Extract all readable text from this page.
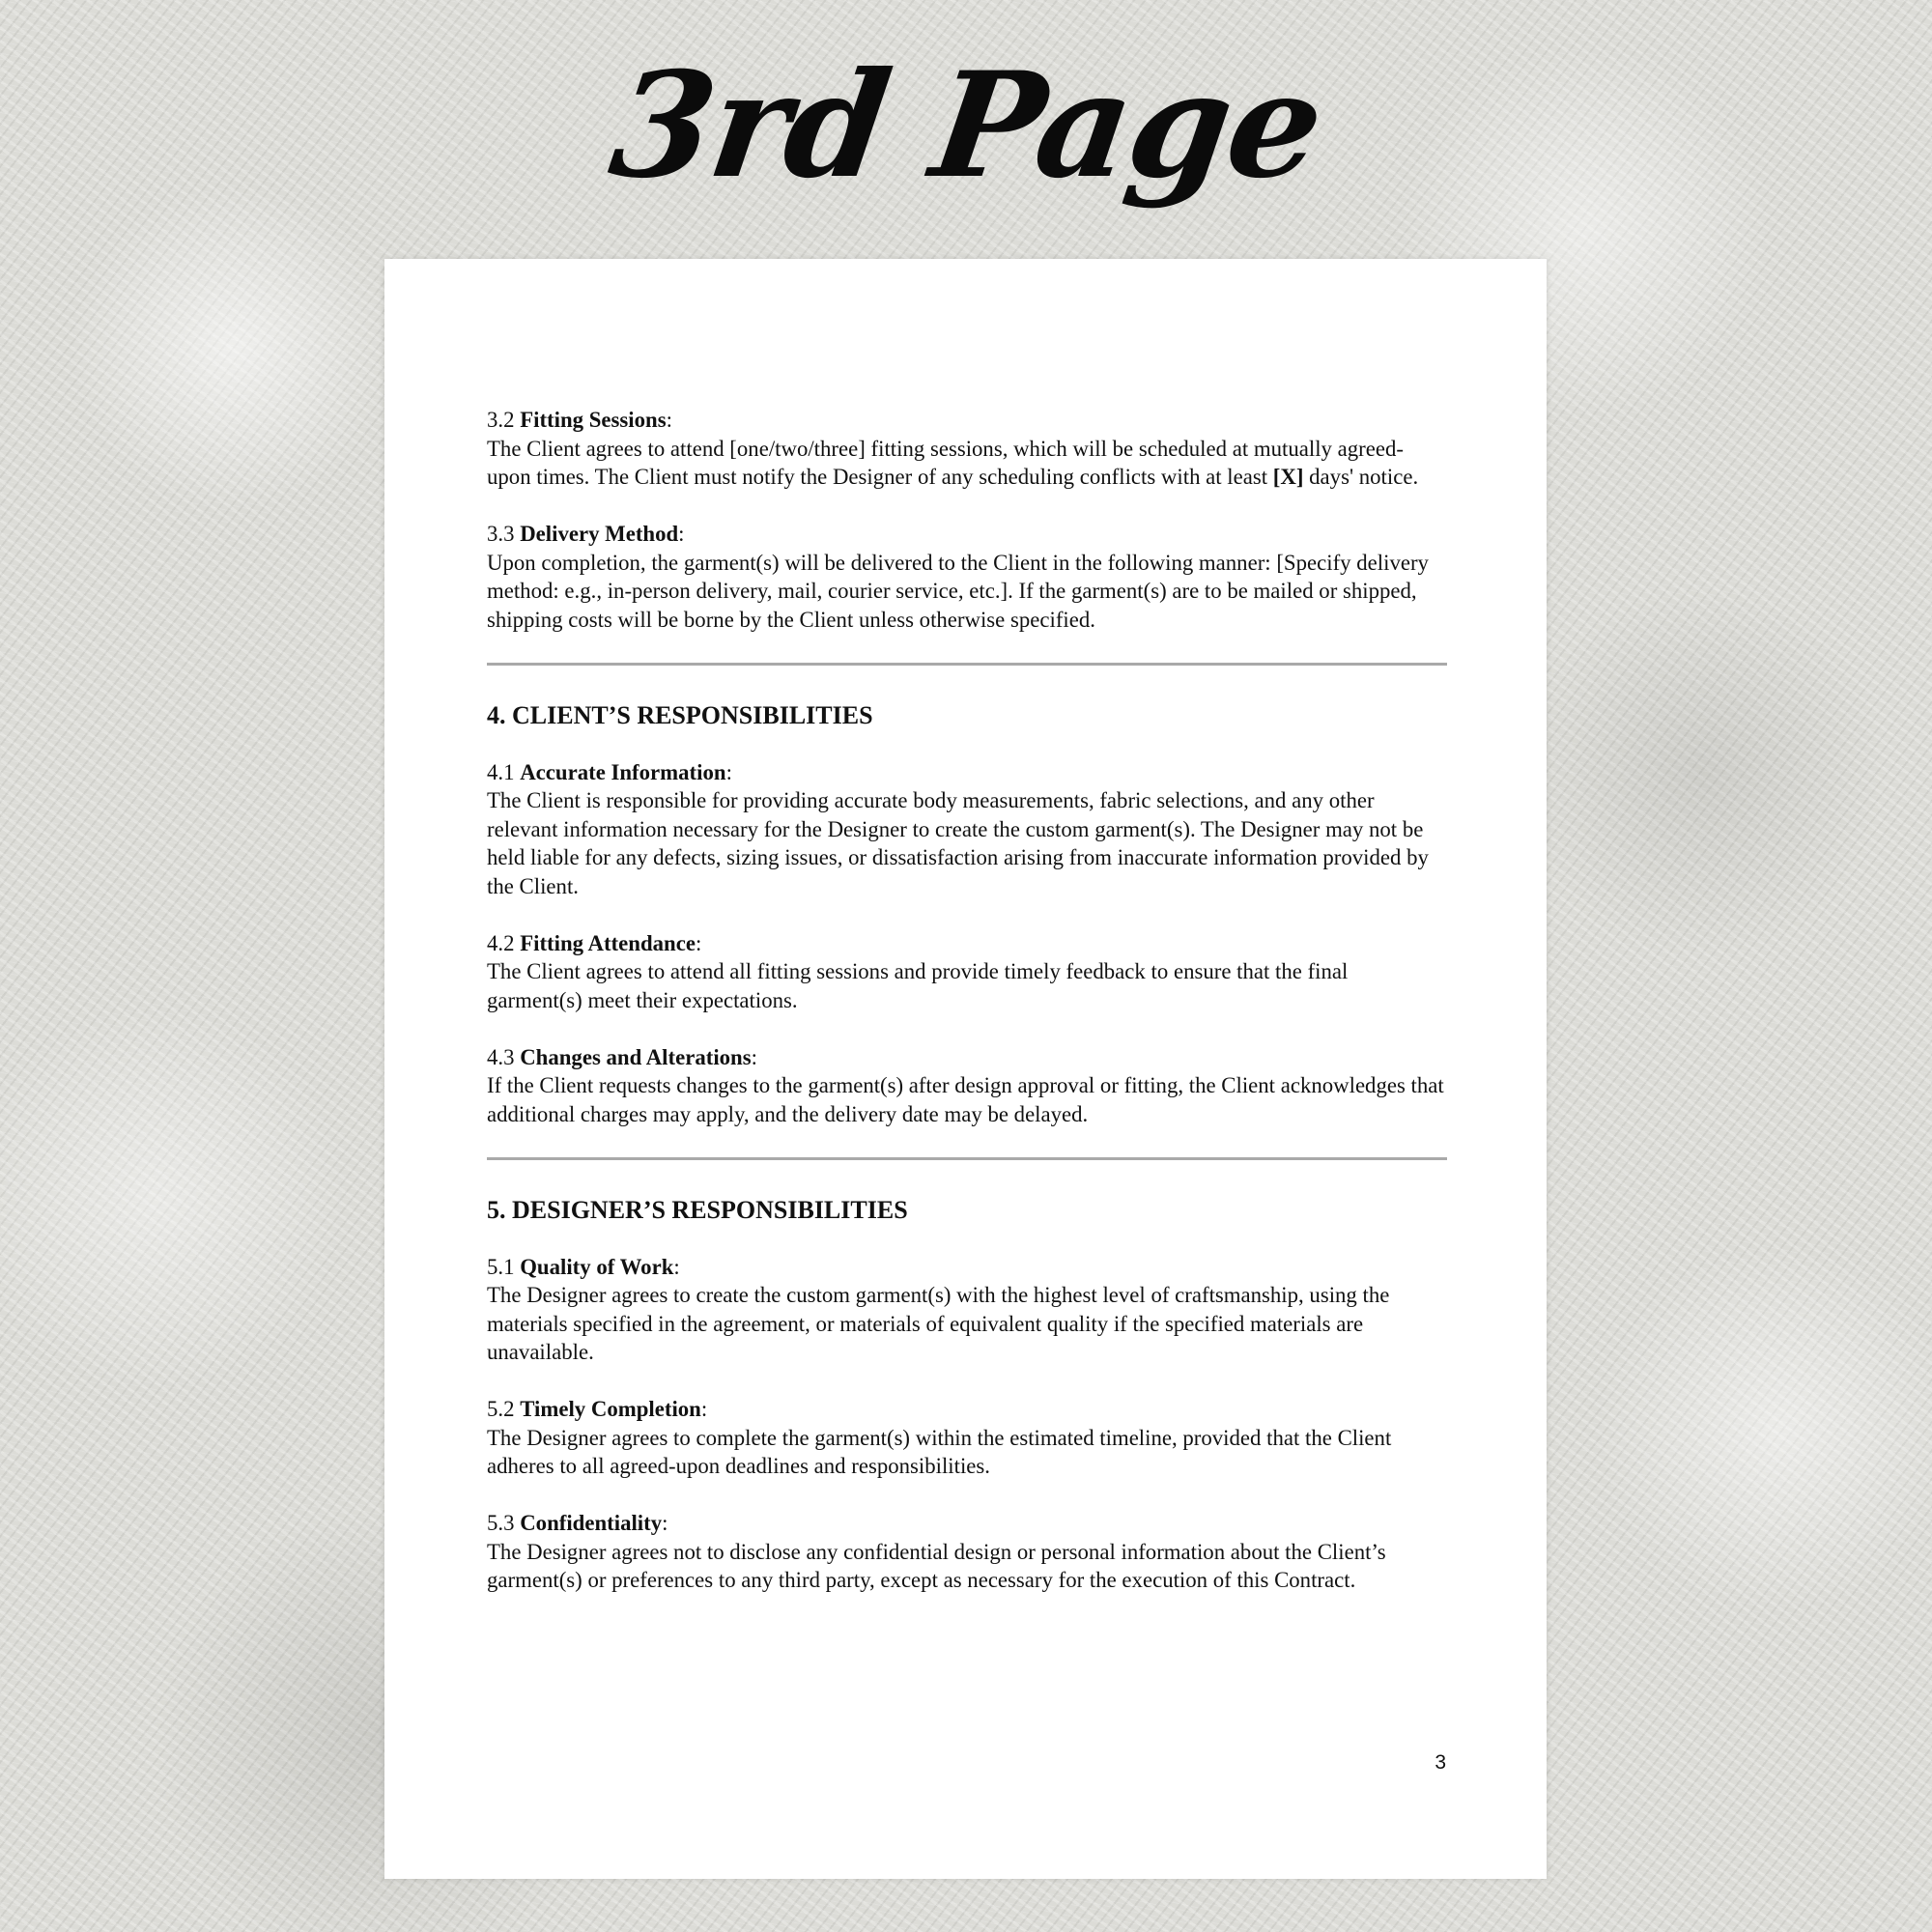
3rd Page
3.2 Fitting Sessions:
The Client agrees to attend [one/two/three] fitting sessions, which will be scheduled at mutually agreed-upon times. The Client must notify the Designer of any scheduling conflicts with at least [X] days' notice.
3.3 Delivery Method:
Upon completion, the garment(s) will be delivered to the Client in the following manner: [Specify delivery method: e.g., in-person delivery, mail, courier service, etc.]. If the garment(s) are to be mailed or shipped, shipping costs will be borne by the Client unless otherwise specified.
4. CLIENT’S RESPONSIBILITIES
4.1 Accurate Information:
The Client is responsible for providing accurate body measurements, fabric selections, and any other relevant information necessary for the Designer to create the custom garment(s). The Designer may not be held liable for any defects, sizing issues, or dissatisfaction arising from inaccurate information provided by the Client.
4.2 Fitting Attendance:
The Client agrees to attend all fitting sessions and provide timely feedback to ensure that the final garment(s) meet their expectations.
4.3 Changes and Alterations:
If the Client requests changes to the garment(s) after design approval or fitting, the Client acknowledges that additional charges may apply, and the delivery date may be delayed.
5. DESIGNER’S RESPONSIBILITIES
5.1 Quality of Work:
The Designer agrees to create the custom garment(s) with the highest level of craftsmanship, using the materials specified in the agreement, or materials of equivalent quality if the specified materials are unavailable.
5.2 Timely Completion:
The Designer agrees to complete the garment(s) within the estimated timeline, provided that the Client adheres to all agreed-upon deadlines and responsibilities.
5.3 Confidentiality:
The Designer agrees not to disclose any confidential design or personal information about the Client’s garment(s) or preferences to any third party, except as necessary for the execution of this Contract.
3
